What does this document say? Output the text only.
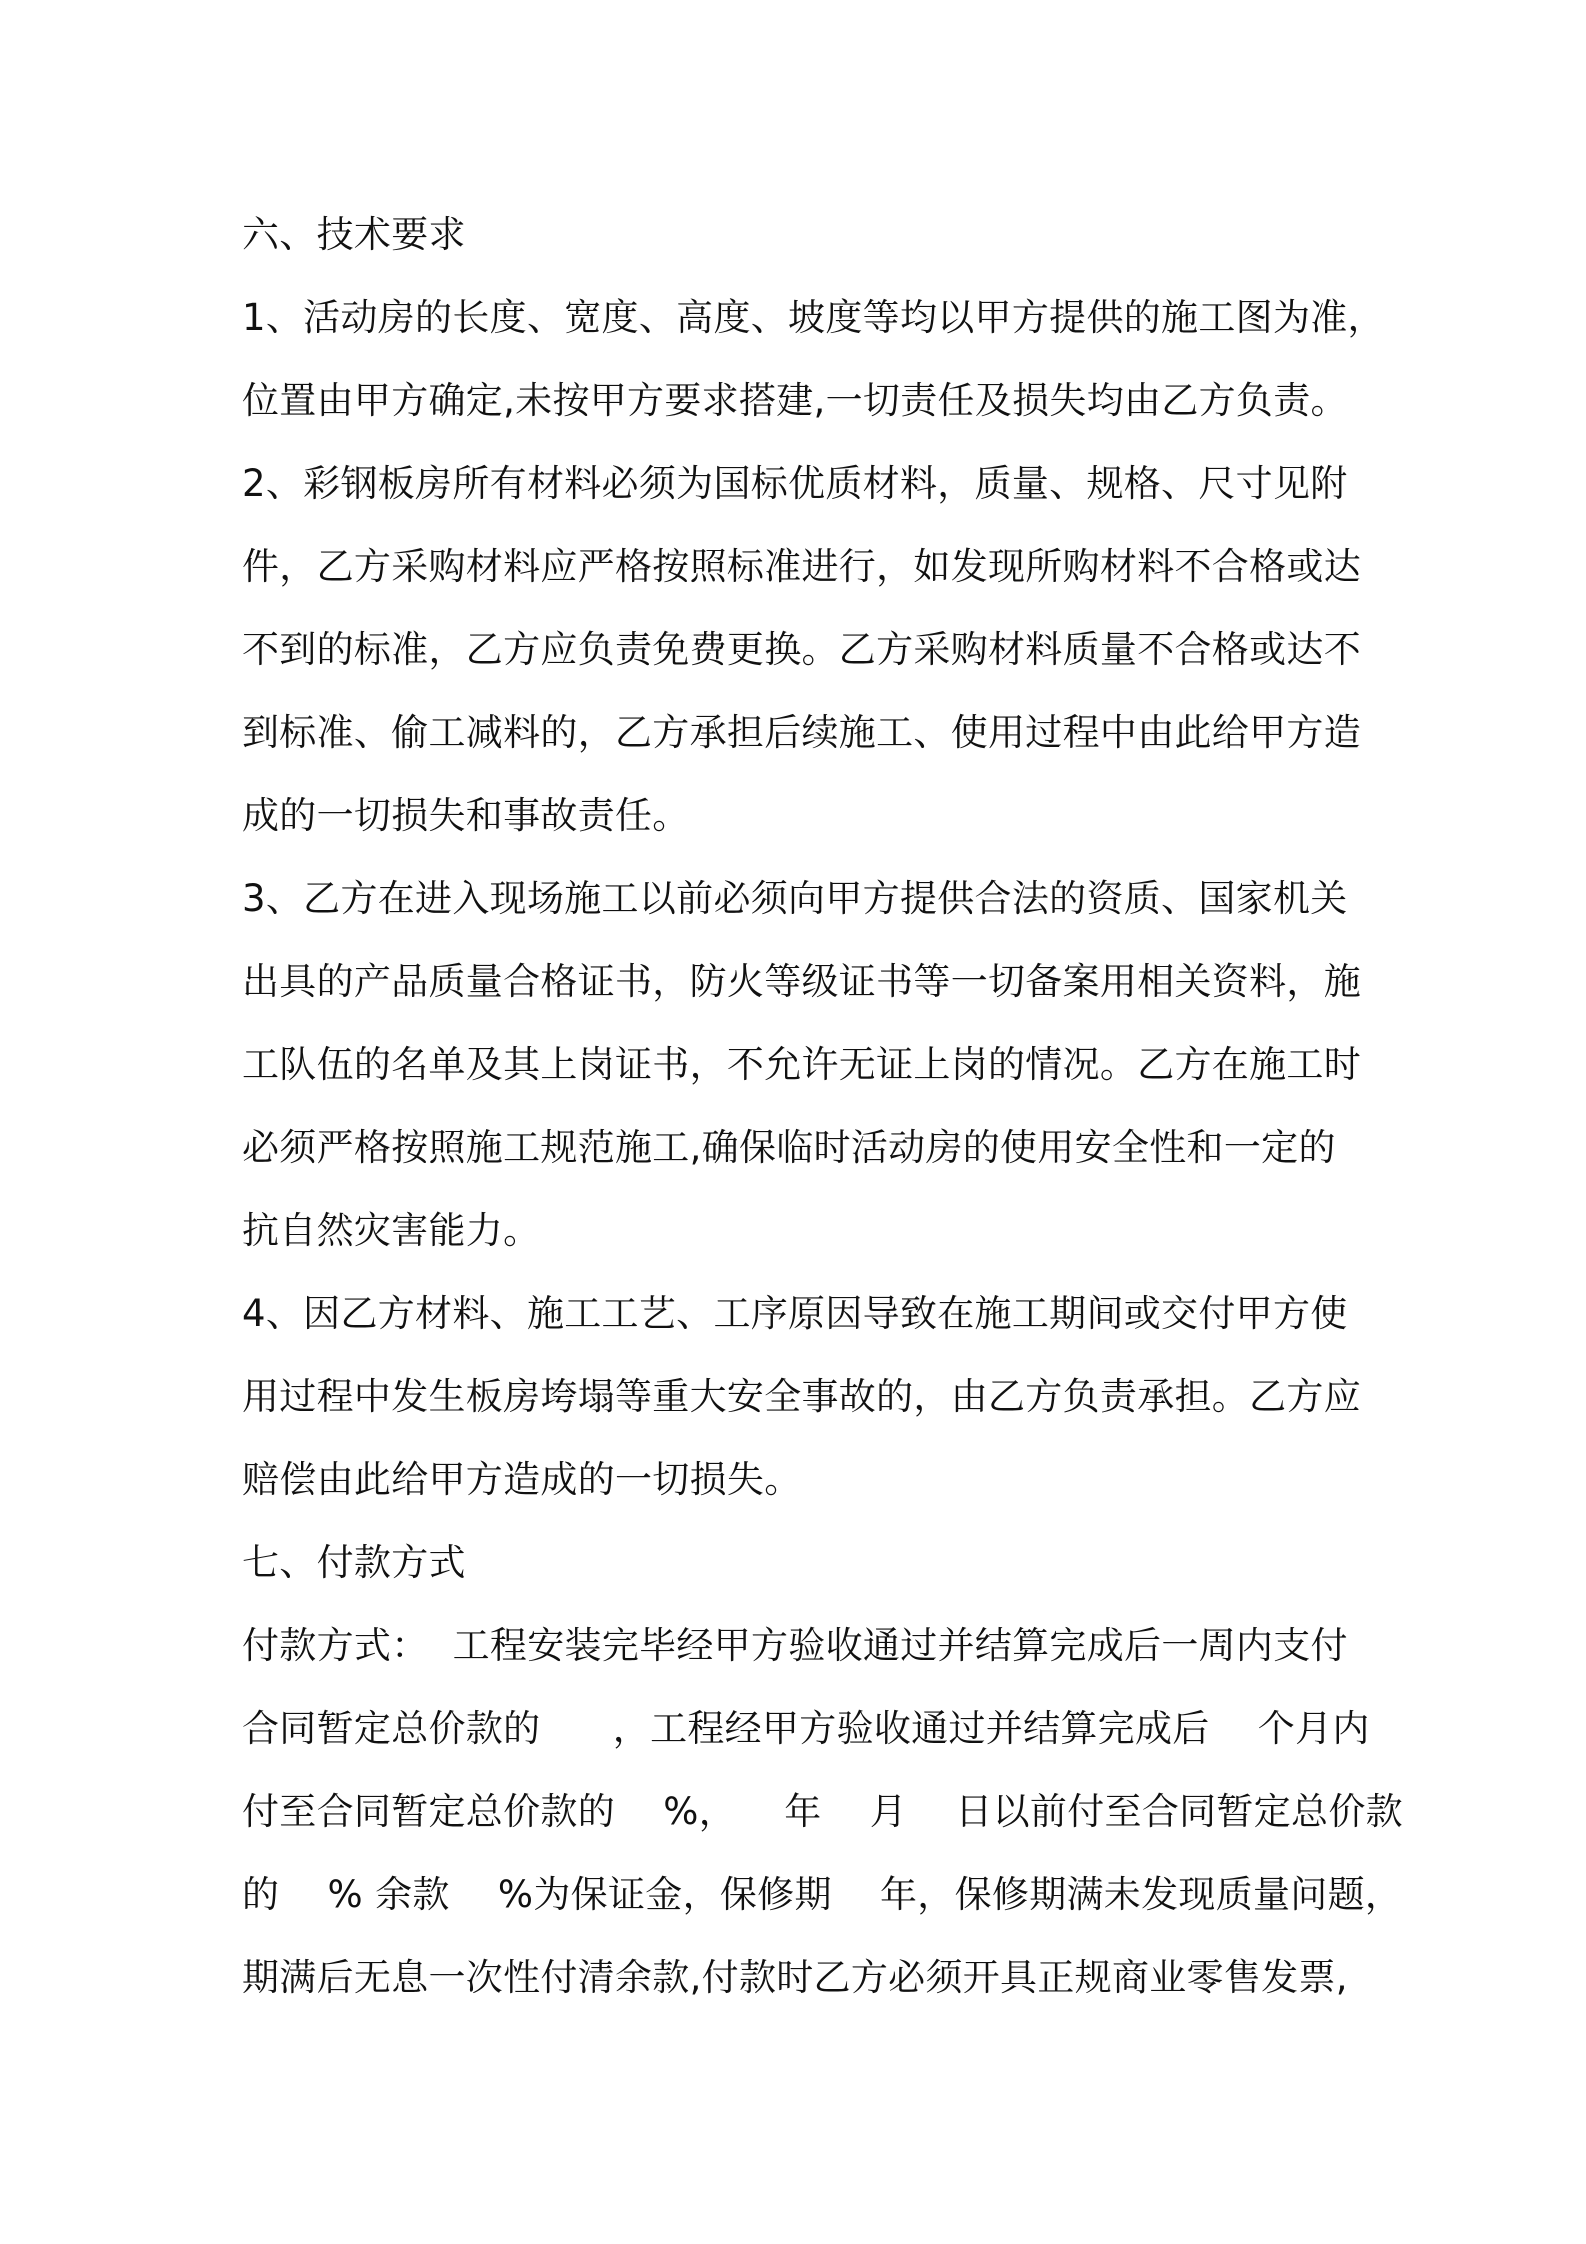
六、技术要求
1、活动房的长度、宽度、高度、坡度等均以甲方提供的施工图为准，
位置由甲方确定,未按甲方要求搭建,一切责任及损失均由乙方负责。
2、彩钢板房所有材料必须为国标优质材料，质量、规格、尺寸见附
件，乙方采购材料应严格按照标准进行，如发现所购材料不合格或达
不到的标准，乙方应负责免费更换。乙方采购材料质量不合格或达不
到标准、偷工减料的，乙方承担后续施工、使用过程中由此给甲方造
成的一切损失和事故责任。
3、乙方在进入现场施工以前必须向甲方提供合法的资质、国家机关
出具的产品质量合格证书，防火等级证书等一切备案用相关资料，施
工队伍的名单及其上岗证书，不允许无证上岗的情况。乙方在施工时
必须严格按照施工规范施工,确保临时活动房的使用安全性和一定的
抗自然灾害能力。
4、因乙方材料、施工工艺、工序原因导致在施工期间或交付甲方使
用过程中发生板房垮塌等重大安全事故的，由乙方负责承担。乙方应
赔偿由此给甲方造成的一切损失。
七、付款方式
付款方式：  工程安装完毕经甲方验收通过并结算完成后一周内支付
合同暂定总价款的      ，工程经甲方验收通过并结算完成后    个月内
付至合同暂定总价款的    %，    年    月    日以前付至合同暂定总价款
的    % 余款    %为保证金，保修期    年，保修期满未发现质量问题，
期满后无息一次性付清余款,付款时乙方必须开具正规商业零售发票,
